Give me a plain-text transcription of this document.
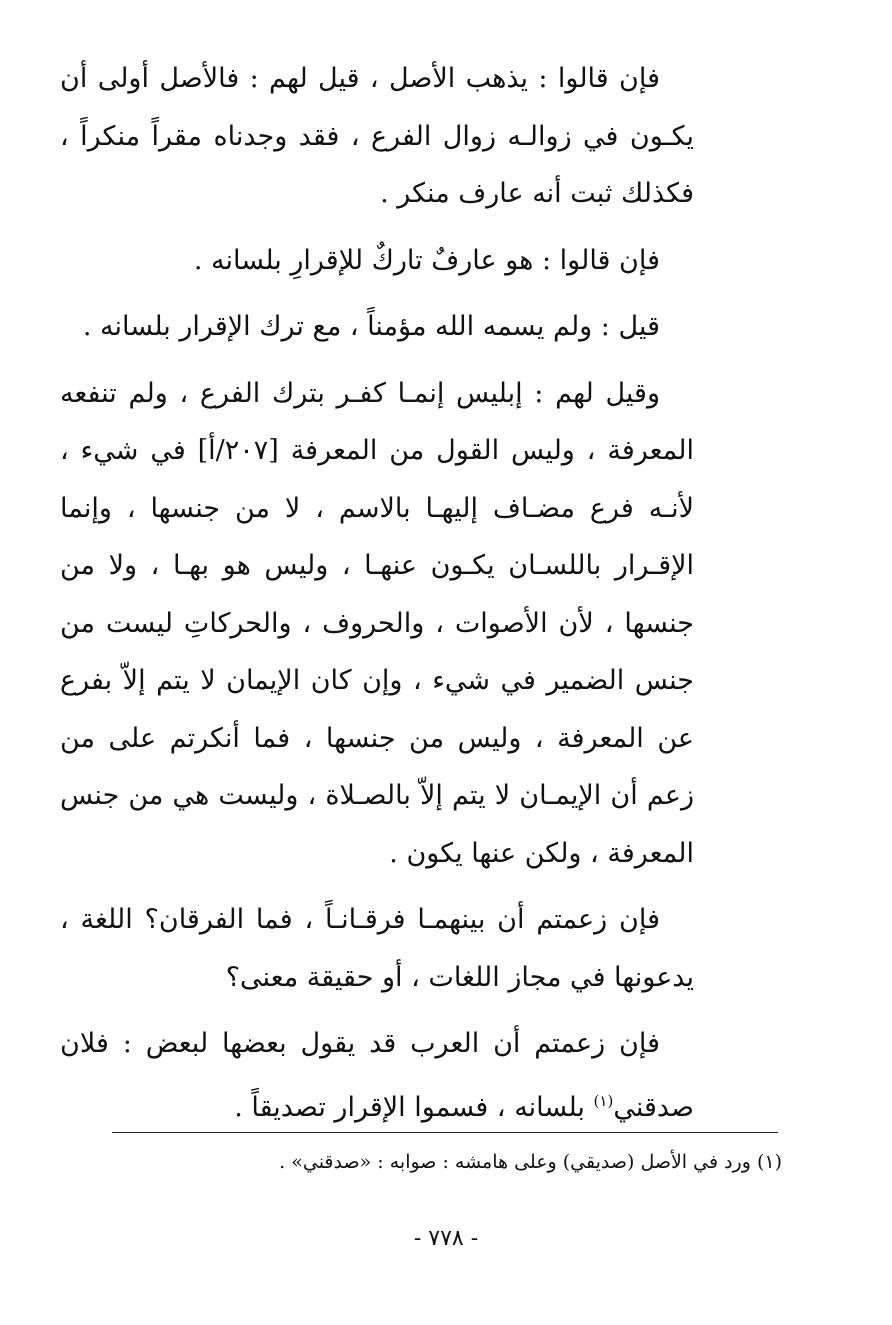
فإن قالوا : يذهب الأصل ، قيل لهم : فالأصل أولى أن يكـون في زوالـه زوال الفرع ، فقد وجدناه مقراً منكراً ، فكذلك ثبت أنه عارف منكر .

فإن قالوا : هو عارفٌ تاركٌ للإقرارِ بلسانه .

قيل : ولم يسمه الله مؤمناً ، مع ترك الإقرار بلسانه .

وقيل لهم : إبليس إنمـا كفـر بترك الفرع ، ولم تنفعه المعرفة ، وليس القول من المعرفة [٢٠٧/أ] في شيء ، لأنـه فرع مضـاف إليهـا بالاسم ، لا من جنسها ، وإنما الإقـرار باللسـان يكـون عنهـا ، وليس هو بهـا ، ولا من جنسها ، لأن الأصوات ، والحروف ، والحركاتِ ليست من جنس الضمير في شيء ، وإن كان الإيمان لا يتم إلاّ بفرع عن المعرفة ، وليس من جنسها ، فما أنكرتم على من زعم أن الإيمـان لا يتم إلاّ بالصـلاة ، وليست هي من جنس المعرفة ، ولكن عنها يكون .

فإن زعمتم أن بينهمـا فرقـانـاً ، فما الفرقان؟ اللغة ، يدعونها في مجاز اللغات ، أو حقيقة معنى؟

فإن زعمتم أن العرب قد يقول بعضها لبعض : فلان صدقني$^{(١)}$ بلسانه ، فسموا الإقرار تصديقاً .

(١) ورد في الأصل (صديقي) وعلى هامشه : صوابه : «صدقني» .
- ٧٧٨ -
